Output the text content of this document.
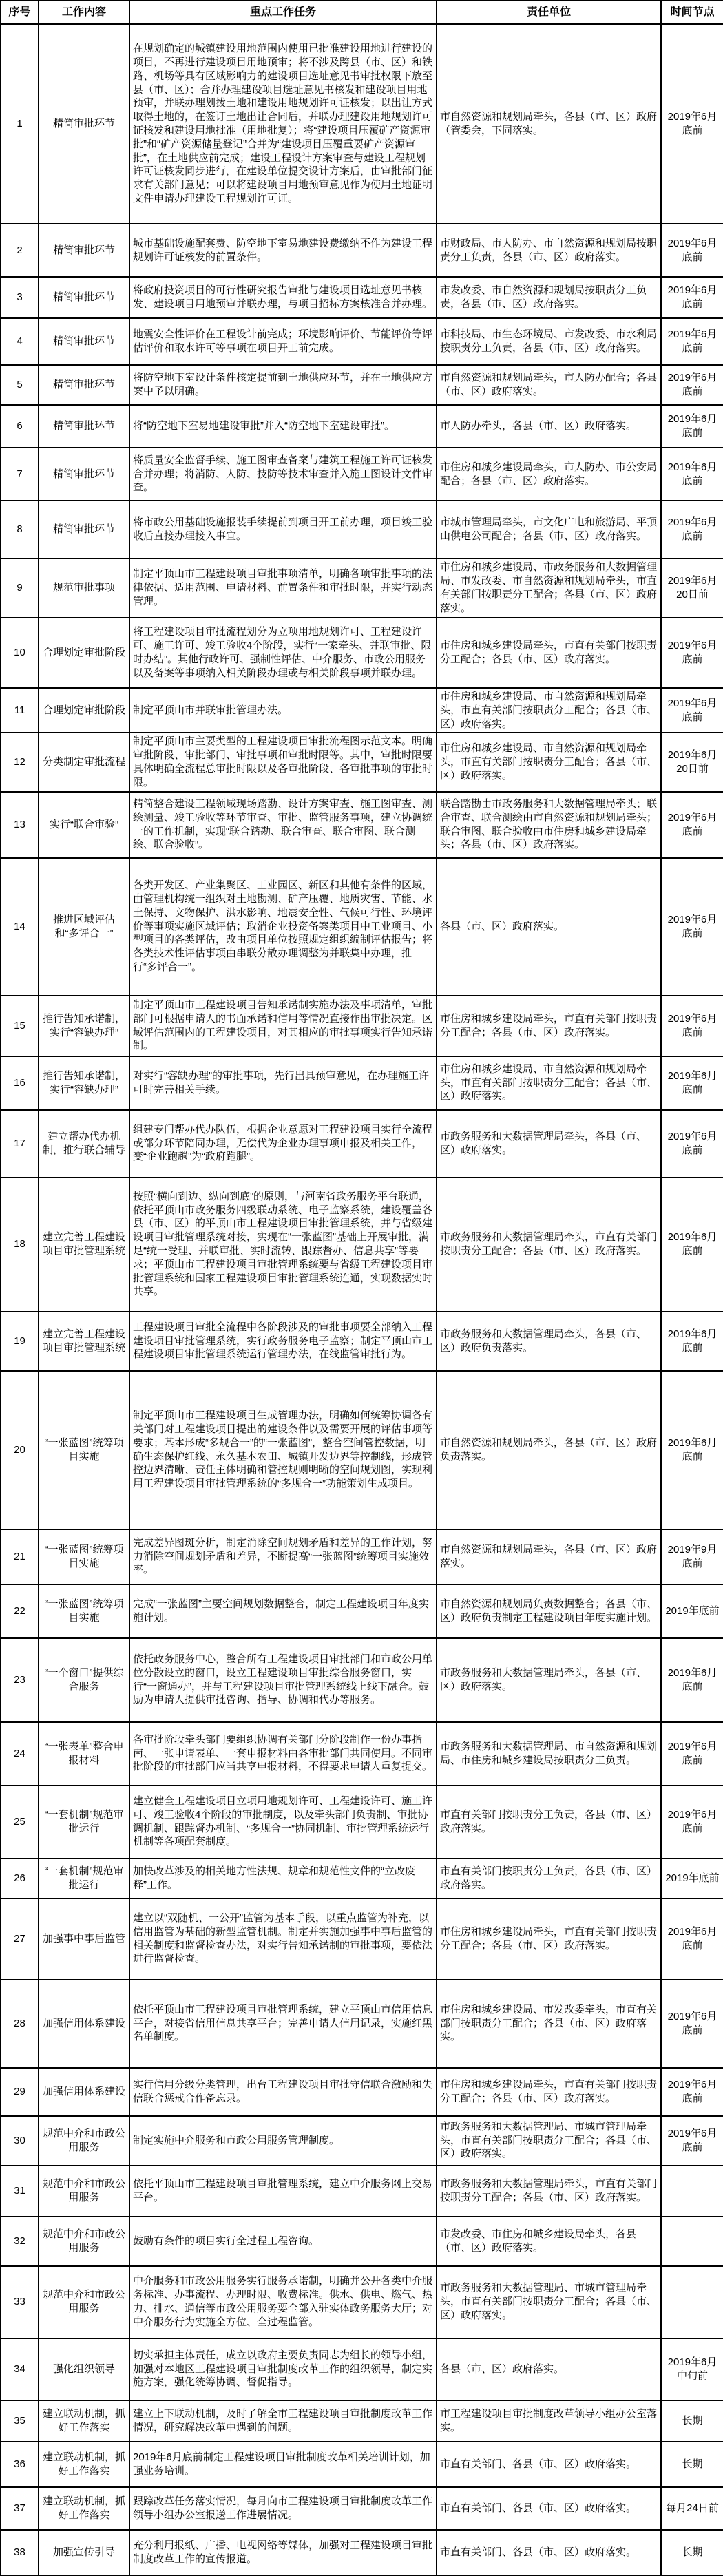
序号	工作内容	重点工作任务	责任单位	时间节点
1	精简审批环节	在规划确定的城镇建设用地范围内使用已批准建设用地进行建设的项目，不再进行建设项目用地预审；将不涉及跨县（市、区）和铁路、机场等具有区域影响力的建设项目选址意见书审批权限下放至县（市、区）；合并办理建设项目选址意见书核发和建设项目用地预审，并联办理划拨土地和建设用地规划许可证核发；以出让方式取得土地的，在签订土地出让合同后，并联办理建设用地规划许可证核发和建设用地批准（用地批复）；将“建设项目压覆矿产资源审批”和“矿产资源储量登记”合并为“建设项目压覆重要矿产资源审批”，在土地供应前完成；建设工程设计方案审查与建设工程规划许可证核发同步进行，在建设单位提交设计方案后，由审批部门征求有关部门意见；可以将建设项目用地预审意见作为使用土地证明文件申请办理建设工程规划许可证。	市自然资源和规划局牵头，各县（市、区）政府（管委会，下同落实。	2019年6月底前
2	精简审批环节	城市基础设施配套费、防空地下室易地建设费缴纳不作为建设工程规划许可证核发的前置条件。	市财政局、市人防办、市自然资源和规划局按职责分工负责，各县（市、区）政府落实。	2019年6月底前
3	精简审批环节	将政府投资项目的可行性研究报告审批与建设项目选址意见书核发、建设项目用地预审并联办理，与项目招标方案核准合并办理。	市发改委、市自然资源和规划局按职责分工负责，各县（市、区）政府落实。	2019年6月底前
4	精简审批环节	地震安全性评价在工程设计前完成；环境影响评价、节能评价等评估评价和取水许可等事项在项目开工前完成。	市科技局、市生态环境局、市发改委、市水利局按职责分工负责，各县（市、区）政府落实。	2019年6月底前
5	精简审批环节	将防空地下室设计条件核定提前到土地供应环节，并在土地供应方案中予以明确。	市自然资源和规划局牵头，市人防办配合；各县（市、区）政府落实。	2019年6月底前
6	精简审批环节	将“防空地下室易地建设审批”并入“防空地下室建设审批”。	市人防办牵头，各县（市、区）政府落实。	2019年6月底前
7	精简审批环节	将质量安全监督手续、施工图审查备案与建筑工程施工许可证核发合并办理；将消防、人防、技防等技术审查并入施工图设计文件审查。	市住房和城乡建设局牵头，市人防办、市公安局配合；各县（市、区）政府落实。	2019年6月底前
8	精简审批环节	将市政公用基础设施报装手续提前到项目开工前办理，项目竣工验收后直接办理接入事宜。	市城市管理局牵头，市文化广电和旅游局、平顶山供电公司配合；各县（市、区）政府落实。	2019年6月底前
9	规范审批事项	制定平顶山市工程建设项目审批事项清单，明确各项审批事项的法律依据、适用范围、申请材料、前置条件和审批时限，并实行动态管理。	市住房和城乡建设局、市政务服务和大数据管理局、市发改委、市自然资源和规划局牵头，市直有关部门按职责分工配合；各县（市、区）政府落实。	2019年6月20日前
10	合理划定审批阶段	将工程建设项目审批流程划分为立项用地规划许可、工程建设许可、施工许可、竣工验收4个阶段，实行“一家牵头、并联审批、限时办结”。其他行政许可、强制性评估、中介服务、市政公用服务以及备案等事项纳入相关阶段办理或与相关阶段事项并联办理。	市住房和城乡建设局牵头，市直有关部门按职责分工配合；各县（市、区）政府落实。	2019年6月底前
11	合理划定审批阶段	制定平顶山市并联审批管理办法。	市住房和城乡建设局、市自然资源和规划局牵头，市直有关部门按职责分工配合；各县（市、区）政府落实。	2019年6月底前
12	分类制定审批流程	制定平顶山市主要类型的工程建设项目审批流程图示范文本。明确审批阶段、审批部门、审批事项和审批时限等。其中，审批时限要具体明确全流程总审批时限以及各审批阶段、各审批事项的审批时限。	市住房和城乡建设局、市自然资源和规划局牵头，市直有关部门按职责分工配合；各县（市、区）政府落实。	2019年6月20日前
13	实行“联合审验”	精简整合建设工程领域现场踏勘、设计方案审查、施工图审查、测绘测量、竣工验收等环节审查、审批、监管服务事项，建立协调统一的工作机制，实现“联合踏勘、联合审查、联合审图、联合测绘、联合验收”。	联合踏勘由市政务服务和大数据管理局牵头；联合审查、联合测绘由市自然资源和规划局牵头；联合审图、联合验收由市住房和城乡建设局牵头；各县（市、区）政府落实。	2019年6月底前
14	推进区域评估和“多评合一”	各类开发区、产业集聚区、工业园区、新区和其他有条件的区域，由管理机构统一组织对土地勘测、矿产压覆、地质灾害、节能、水土保持、文物保护、洪水影响、地震安全性、气候可行性、环境评价等事项实施区域评估；取消企业投资备案类项目中工业项目、小型项目的各类评估，改由项目单位按照规定组织编制评估报告；将各类技术性评估事项由串联分散办理调整为并联集中办理，推行“多评合一”。	各县（市、区）政府落实。	2019年6月底前
15	推行告知承诺制，实行“容缺办理”	制定平顶山市工程建设项目告知承诺制实施办法及事项清单，审批部门可根据申请人的书面承诺和信用等情况直接作出审批决定。区域评估范围内的工程建设项目，对其相应的审批事项实行告知承诺制。	市住房和城乡建设局牵头，市直有关部门按职责分工配合；各县（市、区）政府落实。	2019年6月底前
16	推行告知承诺制，实行“容缺办理”	对实行“容缺办理”的审批事项，先行出具预审意见，在办理施工许可时完善相关手续。	市住房和城乡建设局、市自然资源和规划局牵头，市直有关部门按职责分工配合；各县（市、区）政府落实。	2019年6月底前
17	建立帮办代办机制，推行联合辅导	组建专门帮办代办队伍，根据企业意愿对工程建设项目实行全流程或部分环节陪同办理，无偿代为企业办理事项申报及相关工作，变“企业跑趟”为“政府跑腿”。	市政务服务和大数据管理局牵头，各县（市、区）政府落实。	2019年6月底前
18	建立完善工程建设项目审批管理系统	按照“横向到边、纵向到底”的原则，与河南省政务服务平台联通，依托平顶山市政务服务四级联动系统、电子监察系统，建设覆盖各县（市、区）的平顶山市工程建设项目审批管理系统，并与省级建设项目审批管理系统对接，实现在“一张蓝图”基础上开展审批，满足“统一受理、并联审批、实时流转、跟踪督办、信息共享”等要求；平顶山市工程建设项目审批管理系统要与省级工程建设项目审批管理系统和国家工程建设项目审批管理系统连通，实现数据实时共享。	市政务服务和大数据管理局牵头，市直有关部门按职责分工配合；各县（市、区）政府落实。	2019年6月底前
19	建立完善工程建设项目审批管理系统	工程建设项目审批全流程中各阶段涉及的审批事项要全部纳入工程建设项目审批管理系统，实行政务服务电子监察；制定平顶山市工程建设项目审批管理系统运行管理办法，在线监管审批行为。	市政务服务和大数据管理局牵头，各县（市、区）政府负责落实。	2019年6月底前
20	“一张蓝图”统筹项目实施	制定平顶山市工程建设项目生成管理办法，明确如何统筹协调各有关部门对工程建设项目提出的建设条件以及需要开展的评估事项等要求；基本形成“多规合一”的“一张蓝图”，整合空间管控数据，明确生态保护红线、永久基本农田、城镇开发边界等控制线，形成管控边界清晰、责任主体明确和管控规则明晰的空间规划图，实现利用工程建设项目审批管理系统的“多规合一”功能策划生成项目。	市自然资源和规划局牵头，各县（市、区）政府负责落实。	2019年6月底前
21	“一张蓝图”统筹项目实施	完成差异图斑分析，制定消除空间规划矛盾和差异的工作计划，努力消除空间规划矛盾和差异，不断提高“一张蓝图”统筹项目实施效率。	市自然资源和规划局牵头，各县（市、区）政府落实。	2019年9月底前
22	“一张蓝图”统筹项目实施	完成“一张蓝图”主要空间规划数据整合，制定工程建设项目年度实施计划。	市自然资源和规划局负责数据整合；各县（市、区）政府负责制定工程建设项目年度实施计划。	2019年底前
23	“一个窗口”提供综合服务	依托政务服务中心，整合所有工程建设项目审批部门和市政公用单位分散设立的窗口，设立工程建设项目审批综合服务窗口，实行“一窗通办”，并与工程建设项目审批管理系统线上线下融合。鼓励为申请人提供审批咨询、指导、协调和代办等服务。	市政务服务和大数据管理局牵头，各县（市、区）政府落实。	2019年6月底前
24	“一张表单”整合申报材料	各审批阶段牵头部门要组织协调有关部门分阶段制作一份办事指南、一张申请表单、一套申报材料由各审批部门共同使用。不同审批阶段的审批部门应当共享申报材料，不得要求申请人重复提交。	市政务服务和大数据管理局、市自然资源和规划局、市住房和城乡建设局按职责分工负责。	2019年6月底前
25	“一套机制”规范审批运行	建立健全工程建设项目立项用地规划许可、工程建设许可、施工许可、竣工验收4个阶段的审批制度，以及牵头部门负责制、审批协调机制、跟踪督办机制、“多规合一”协同机制、审批管理系统运行机制等各项配套制度。	市直有关部门按职责分工负责，各县（市、区）政府落实。	2019年6月底前
26	“一套机制”规范审批运行	加快改革涉及的相关地方性法规、规章和规范性文件的“立改废释”工作。	市直有关部门按职责分工负责，各县（市、区）政府落实。	2019年底前
27	加强事中事后监管	建立以“双随机、一公开”监管为基本手段，以重点监管为补充，以信用监管为基础的新型监管机制。制定并实施加强事中事后监管的相关制度和监督检查办法，对实行告知承诺制的审批事项，要依法进行监督检查。	市住房和城乡建设局牵头，市直有关部门按职责分工配合；各县（市、区）政府落实。	2019年6月底前
28	加强信用体系建设	依托平顶山市工程建设项目审批管理系统，建立平顶山市信用信息平台，对接省信用信息共享平台；完善申请人信用记录，实施红黑名单制度。	市住房和城乡建设局、市发改委牵头，市直有关部门按职责分工配合；各县（市、区）政府落实。	2019年6月底前
29	加强信用体系建设	实行信用分级分类管理，出台工程建设项目审批守信联合激励和失信联合惩戒合作备忘录。	市住房和城乡建设局牵头，市直有关部门按职责分工配合；各县（市、区）政府落实。	2019年6月底前
30	规范中介和市政公用服务	制定实施中介服务和市政公用服务管理制度。	市政务服务和大数据管理局、市城市管理局牵头，市直有关部门按职责分工配合；各县（市、区）政府落实。	2019年6月底前
31	规范中介和市政公用服务	依托平顶山市工程建设项目审批管理系统，建立中介服务网上交易平台。	市政务服务和大数据管理局牵头，市直有关部门按职责分工配合；各县（市、区）政府落实。	
32	规范中介和市政公用服务	鼓励有条件的项目实行全过程工程咨询。	市发改委、市住房和城乡建设局牵头，各县（市、区）政府落实。	
33	规范中介和市政公用服务	中介服务和市政公用服务实行服务承诺制，明确并公开各类中介服务标准、办事流程、办理时限、收费标准。供水、供电、燃气、热力、排水、通信等市政公用服务要全部入驻实体政务服务大厅；对中介服务行为实施全方位、全过程监管。	市政务服务和大数据管理局、市城市管理局牵头，市直有关部门按职责分工配合；各县（市、区）政府落实。	
34	强化组织领导	切实承担主体责任，成立以政府主要负责同志为组长的领导小组，加强对本地区工程建设项目审批制度改革工作的组织领导，制定实施方案，强化统筹协调、督促指导。	各县（市、区）政府落实。	2019年6月中旬前
35	建立联动机制，抓好工作落实	建立上下联动机制，及时了解全市工程建设项目审批制度改革工作情况，研究解决改革中遇到的问题。	市工程建设项目审批制度改革领导小组办公室落实。	长期
36	建立联动机制，抓好工作落实	2019年6月底前制定工程建设项目审批制度改革相关培训计划，加强业务培训。	市直有关部门、各县（市、区）政府落实。	长期
37	建立联动机制，抓好工作落实	跟踪改革任务落实情况，每月向市工程建设项目审批制度改革工作领导小组办公室报送工作进展情况。	市直有关部门、各县（市、区）政府落实。	每月24日前
38	加强宣传引导	充分利用报纸、广播、电视网络等媒体，加强对工程建设项目审批制度改革工作的宣传报道。	市直有关部门、各县（市、区）政府落实。	长期
